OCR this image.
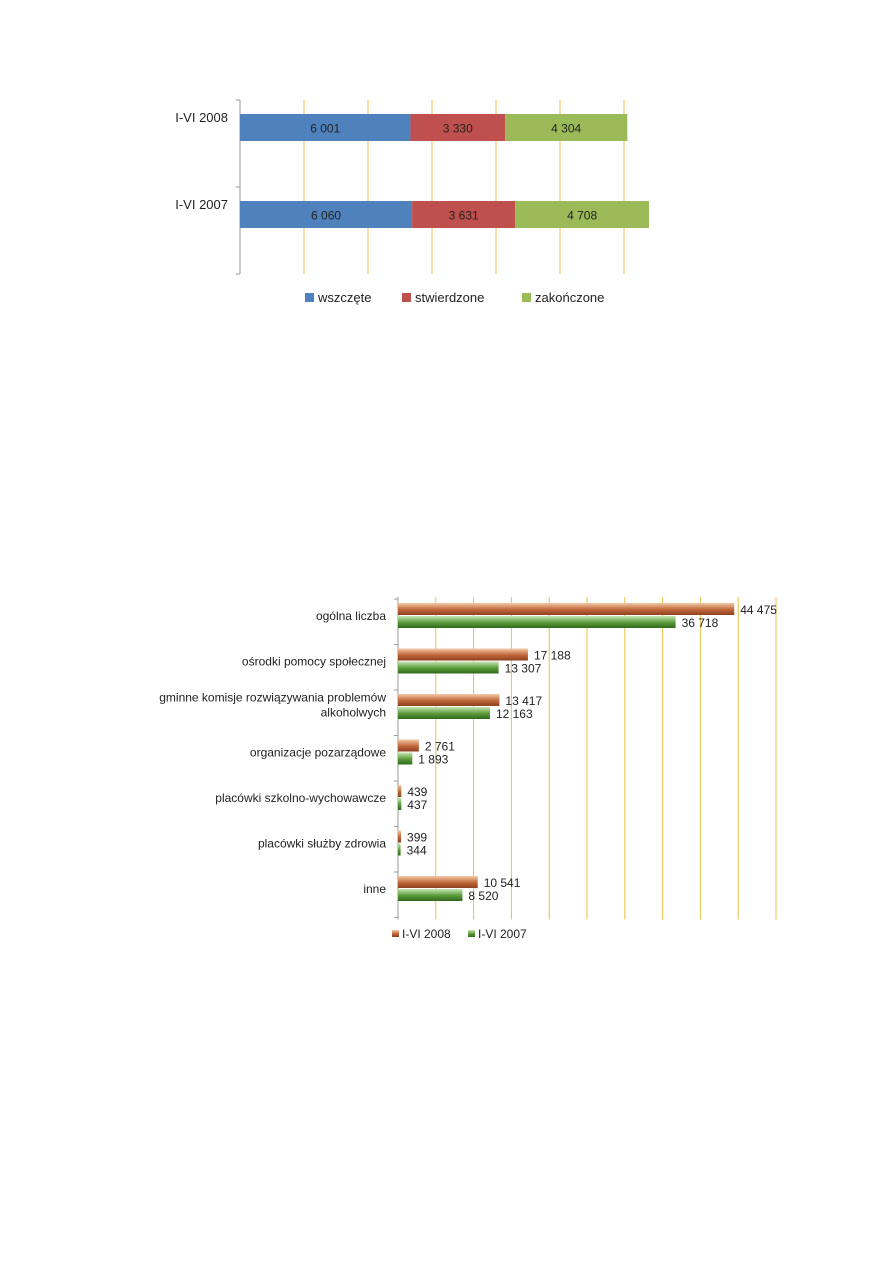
I-VI 2008
6 001	3 330	4 304
I-VI 2007
6 060	3 631	4 708
wszczęte	stwierdzone	zakończone
ogólna liczba	44 475
36 718
ośrodki pomocy społecznej	17 188
13 307
gminne komisje rozwiązywania problemów alkoholwych
13 417
12 163
organizacje pozarządowe	2 761
1 893
placówki szkolno-wychowawcze 439
437
placówki służby zdrowia 399
344
inne	10 541
8 520
I-VI 2008 I-VI 2007
